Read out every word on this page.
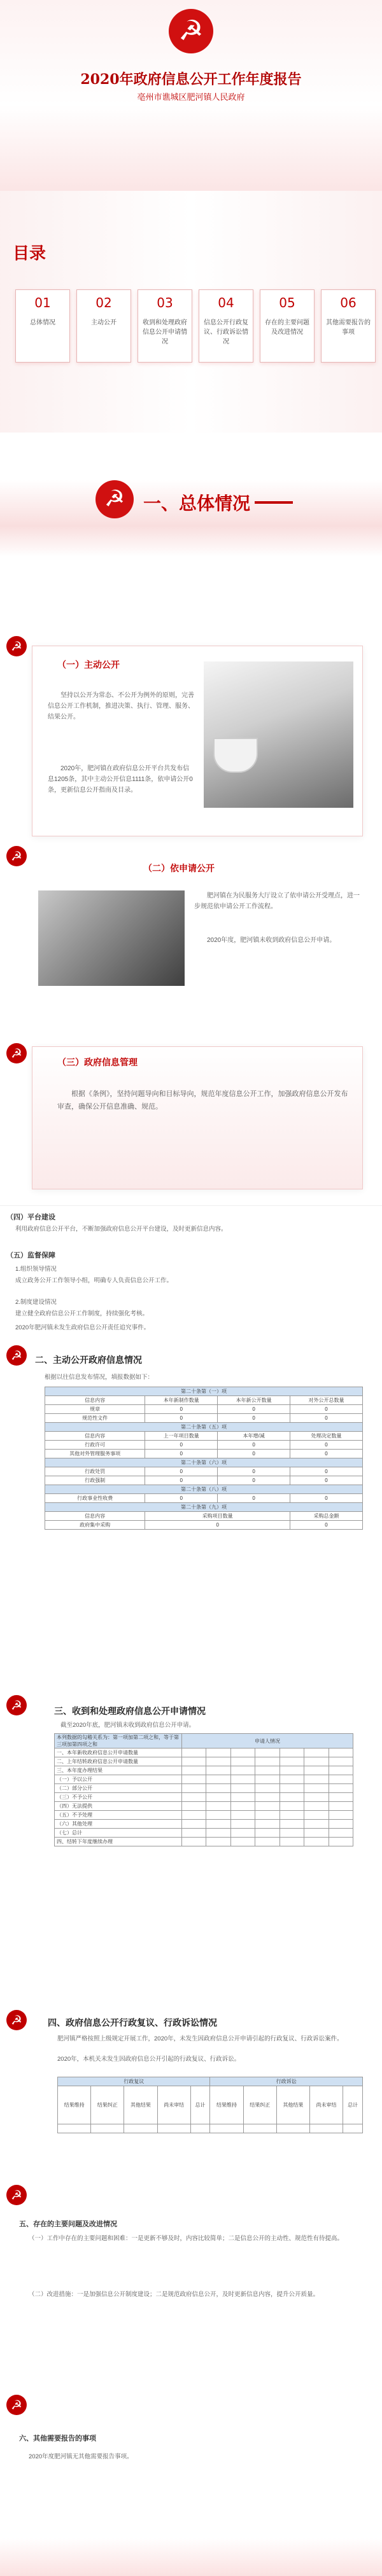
☭
2020年政府信息公开工作年度报告
亳州市谯城区肥河镇人民政府
目录
01
总体情况
02
主动公开
03
收到和处理政府信息公开申请情况
04
信息公开行政复议、行政诉讼情况
05
存在的主要问题及改进情况
06
其他需要报告的事项
☭	一、总体情况
☭
（一）主动公开
坚持以公开为常态、不公开为例外的原则，完善信息公开工作机制，推进决策、执行、管理、服务、结果公开。
2020年，肥河镇在政府信息公开平台共发布信息1205条，其中主动公开信息1111条，依申请公开0条，更新信息公开指南及目录。
☭
（二）依申请公开
肥河镇在为民服务大厅设立了依申请公开受理点，进一步规范依申请公开工作流程。
2020年度，肥河镇未收到政府信息公开申请。
☭
（三）政府信息管理
根据《条例》，坚持问题导向和目标导向，规范年度信息公开工作，加强政府信息公开发布审查，确保公开信息准确、规范。
（四）平台建设
利用政府信息公开平台，不断加强政府信息公开平台建设，及时更新信息内容。
（五）监督保障
1.组织领导情况
成立政务公开工作领导小组，明确专人负责信息公开工作。
2.制度建设情况
建立健全政府信息公开工作制度，持续强化考核。
2020年肥河镇未发生政府信息公开责任追究事件。
☭	二、主动公开政府信息情况
根据以往信息发布情况，填报数据如下：
第二十条第（一）项			
信息内容	本年新制作数量	本年新公开数量	对外公开总数量
规章	0	0	0
规范性文件	0	0	0
第二十条第（五）项			
信息内容	上一年项目数量	本年增/减	处理决定数量
行政许可	0	0	0
其他对外管理服务事项	0	0	0
第二十条第（六）项			
行政处罚	0	0	0
行政强制	0	0	0
第二十条第（八）项			
行政事业性收费	0	0	0
第二十条第（九）项			
信息内容	采购项目数量		采购总金额
政府集中采购	0		0
☭	三、收到和处理政府信息公开申请情况
截至2020年底，肥河镇未收到政府信息公开申请。
本列数据的勾稽关系为：第一项加第二项之和，等于第三项加第四项之和	申请人情况						
一、本年新收政府信息公开申请数量							
二、上年结转政府信息公开申请数量							
三、本年度办理结果							
（一）予以公开							
（二）部分公开							
（三）不予公开							
（四）无法提供							
（五）不予处理							
（六）其他处理							
（七）总计							
四、结转下年度继续办理							
☭	四、政府信息公开行政复议、行政诉讼情况
肥河镇严格按照上级规定开展工作，2020年，未发生因政府信息公开申请引起的行政复议、行政诉讼案件。
2020年，本机关未发生因政府信息公开引起的行政复议、行政诉讼。
行政复议					行政诉讼				
结果维持	结果纠正	其他结果	尚未审结	总计	结果维持	结果纠正	其他结果	尚未审结	总计

☭
五、存在的主要问题及改进情况
（一）工作中存在的主要问题和困难：一是更新不够及时，内容比较简单；二是信息公开的主动性、规范性有待提高。
（二）改进措施：一是加强信息公开制度建设；二是规范政府信息公开，及时更新信息内容，提升公开质量。
☭
六、其他需要报告的事项
2020年度肥河镇无其他需要报告事项。
